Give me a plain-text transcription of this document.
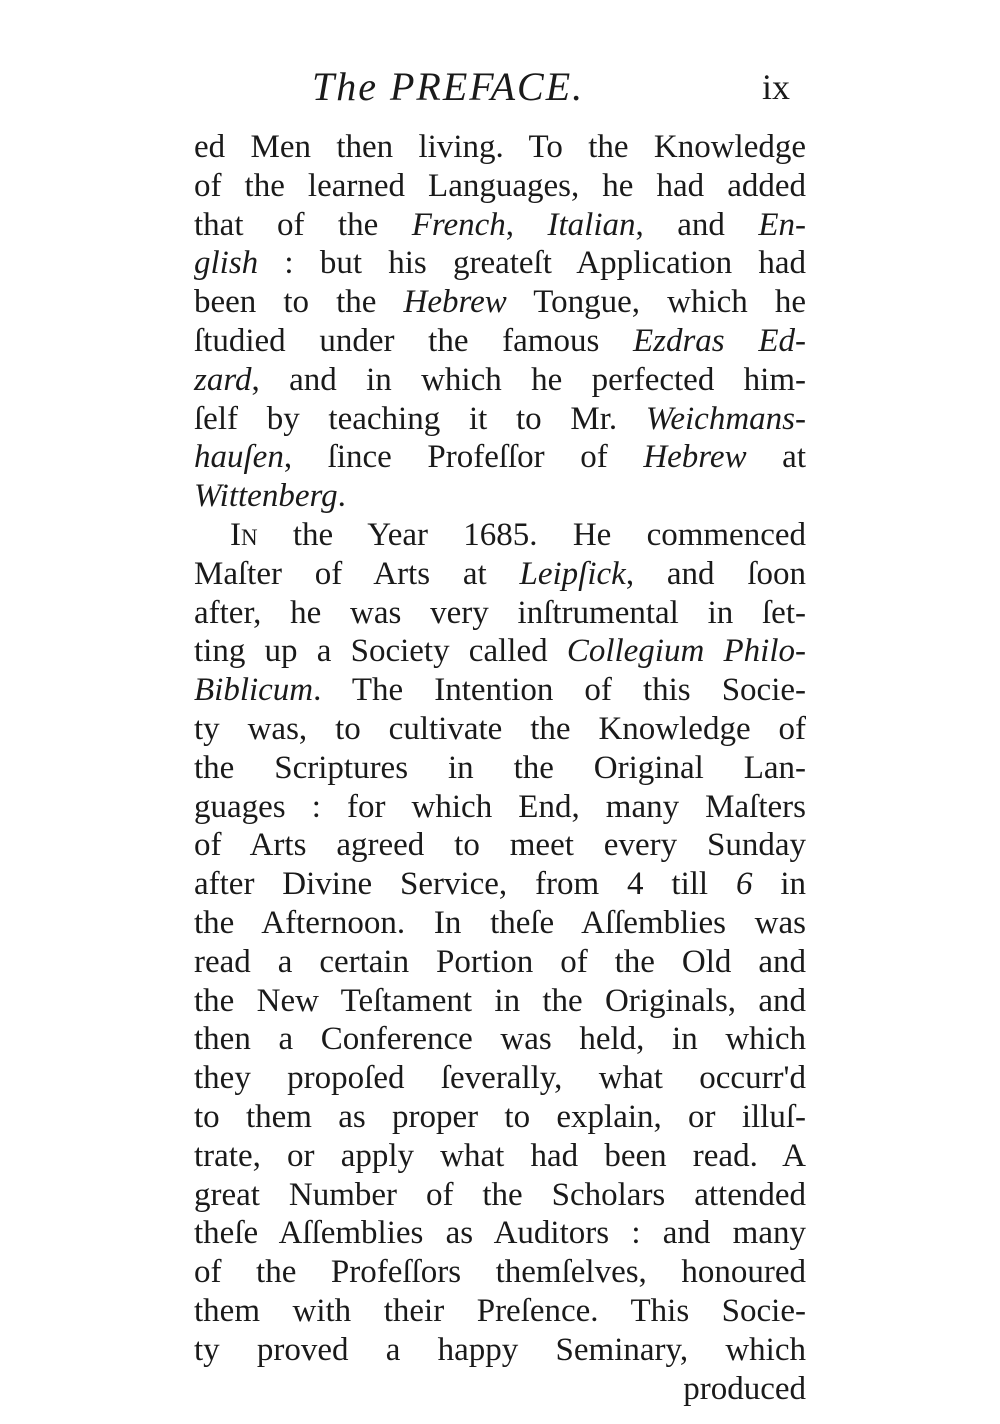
The PREFACE.	ix
ed Men then living. To the Knowledge
of the learned Languages, he had added
that of the French, Italian, and En-
glish : but his greateſt Application had
been to the Hebrew Tongue, which he
ſtudied under the famous Ezdras Ed-
zard, and in which he perfected him-
ſelf by teaching it to Mr. Weichmans-
hauſen, ſince Profeſſor of Hebrew at
Wittenberg.
In the Year 1685. He commenced
Maſter of Arts at Leipſick, and ſoon
after, he was very inſtrumental in ſet-
ting up a Society called Collegium Philo-
Biblicum. The Intention of this Socie-
ty was, to cultivate the Knowledge of
the Scriptures in the Original Lan-
guages : for which End, many Maſters
of Arts agreed to meet every Sunday
after Divine Service, from 4 till 6 in
the Afternoon. In theſe Aſſemblies was
read a certain Portion of the Old and
the New Teſtament in the Originals, and
then a Conference was held, in which
they propoſed ſeverally, what occurr'd
to them as proper to explain, or illuſ-
trate, or apply what had been read. A
great Number of the Scholars attended
theſe Aſſemblies as Auditors : and many
of the Profeſſors themſelves, honoured
them with their Preſence. This Socie-
ty proved a happy Seminary, which
produced
